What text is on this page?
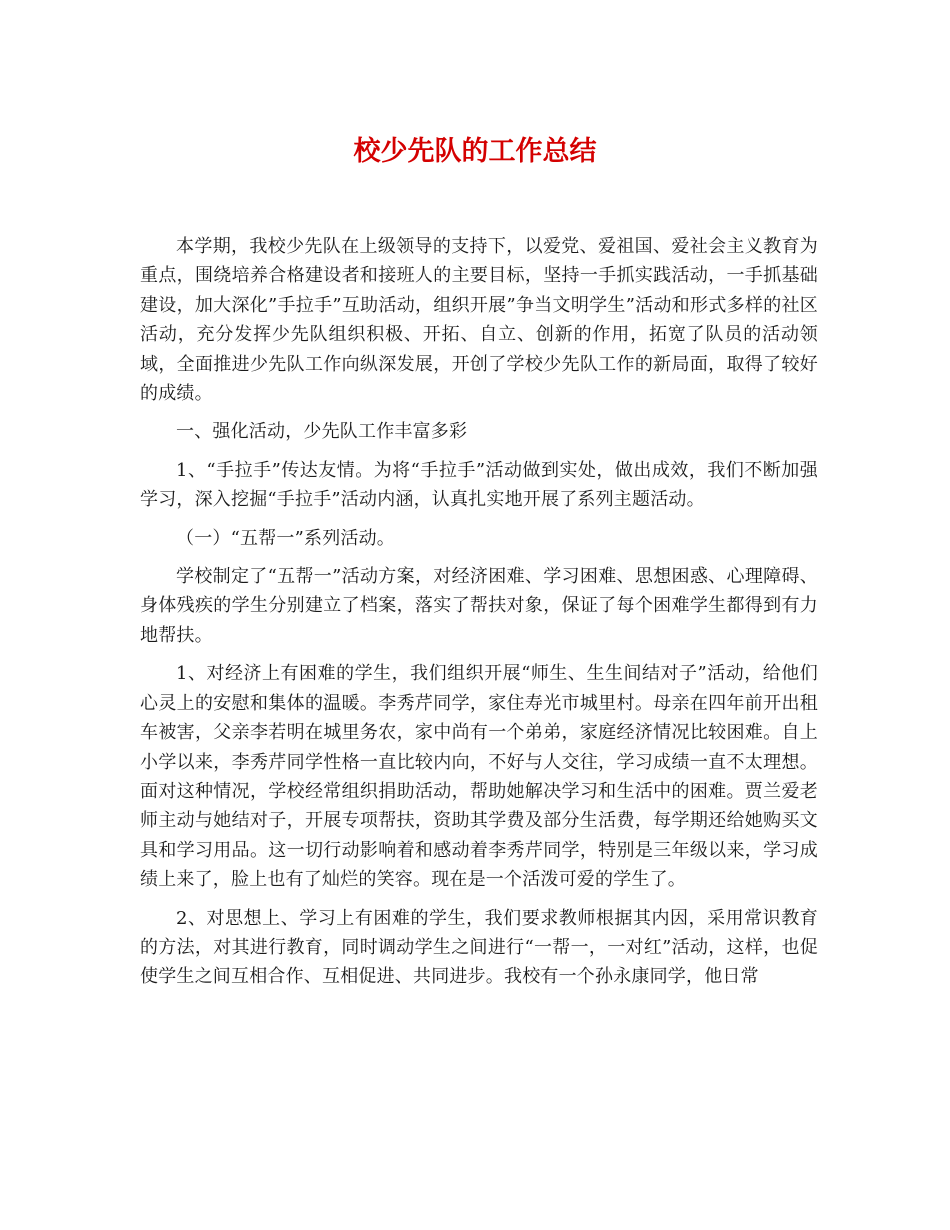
校少先队的工作总结

本学期，我校少先队在上级领导的支持下，以爱党、爱祖国、爱社会主义教育为重点，围绕培养合格建设者和接班人的主要目标，坚持一手抓实践活动，一手抓基础建设，加大深化”手拉手”互助活动，组织开展”争当文明学生”活动和形式多样的社区活动，充分发挥少先队组织积极、开拓、自立、创新的作用，拓宽了队员的活动领域，全面推进少先队工作向纵深发展，开创了学校少先队工作的新局面，取得了较好的成绩。

一、强化活动，少先队工作丰富多彩

1、“手拉手”传达友情。为将“手拉手”活动做到实处，做出成效，我们不断加强学习，深入挖掘“手拉手”活动内涵，认真扎实地开展了系列主题活动。

（一）“五帮一”系列活动。

学校制定了“五帮一”活动方案，对经济困难、学习困难、思想困惑、心理障碍、身体残疾的学生分别建立了档案，落实了帮扶对象，保证了每个困难学生都得到有力地帮扶。

1、对经济上有困难的学生，我们组织开展“师生、生生间结对子”活动，给他们心灵上的安慰和集体的温暖。李秀芹同学，家住寿光市城里村。母亲在四年前开出租车被害，父亲李若明在城里务农，家中尚有一个弟弟，家庭经济情况比较困难。自上小学以来，李秀芹同学性格一直比较内向，不好与人交往，学习成绩一直不太理想。面对这种情况，学校经常组织捐助活动，帮助她解决学习和生活中的困难。贾兰爱老师主动与她结对子，开展专项帮扶，资助其学费及部分生活费，每学期还给她购买文具和学习用品。这一切行动影响着和感动着李秀芹同学，特别是三年级以来，学习成绩上来了，脸上也有了灿烂的笑容。现在是一个活泼可爱的学生了。

2、对思想上、学习上有困难的学生，我们要求教师根据其内因，采用常识教育的方法，对其进行教育，同时调动学生之间进行“一帮一，一对红”活动，这样，也促使学生之间互相合作、互相促进、共同进步。我校有一个孙永康同学，他日常
